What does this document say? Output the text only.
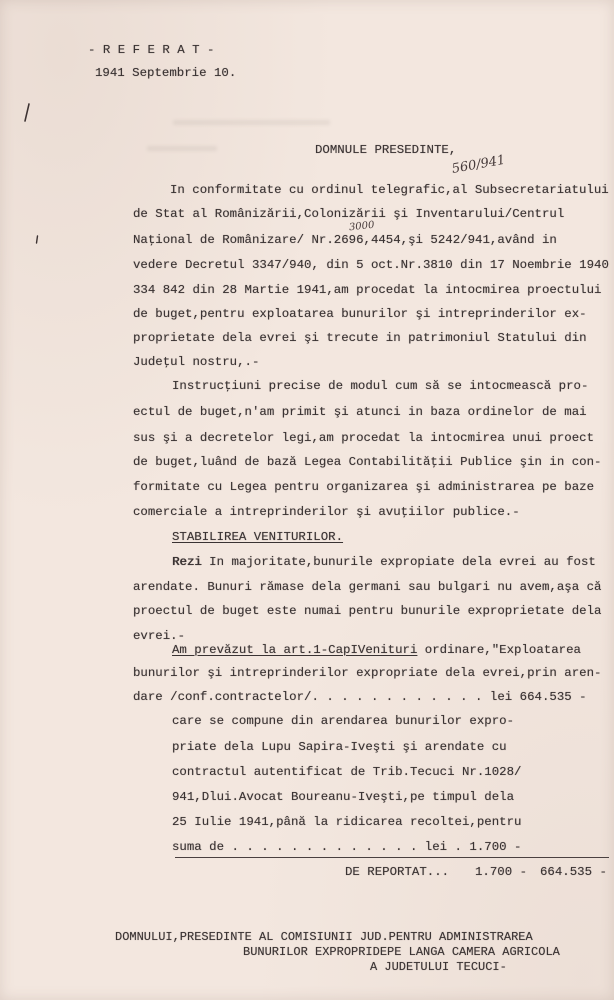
- R E F E R A T -
1941 Septembrie 10.
DOMNULE PRESEDINTE,
560/941
3000
In conformitate cu ordinul telegrafic,al Subsecretariatului
de Stat al Românizării,Colonizării şi Inventarului/Centrul
Naţional de Românizare/ Nr.2696,4454,şi 5242/941,având in
vedere Decretul 3347/940, din 5 oct.Nr.3810 din 17 Noembrie 1940
334 842 din 28 Martie 1941,am procedat la intocmirea proectului
de buget,pentru exploatarea bunurilor şi intreprinderilor ex-
proprietate dela evrei şi trecute in patrimoniul Statului din
Judeţul nostru,.-
Instrucţiuni precise de modul cum să se intocmească pro-
ectul de buget,n'am primit şi atunci in baza ordinelor de mai
sus şi a decretelor legi,am procedat la intocmirea unui proect
de buget,luând de bază Legea Contabilităţii Publice şin in con-
formitate cu Legea pentru organizarea şi administrarea pe baze
comerciale a intreprinderilor şi avuţiilor publice.-
STABILIREA VENITURILOR.
Rezi In majoritate,bunurile expropiate dela evrei au fost
arendate. Bunuri rămase dela germani sau bulgari nu avem,aşa că
proectul de buget este numai pentru bunurile exproprietate dela
evrei.-
Am prevăzut la art.1-CapIVenituri ordinare,"Exploatarea
bunurilor şi intreprinderilor expropriate dela evrei,prin aren-
dare /conf.contractelor/. . . . . . . . . . . . lei 664.535 -
care se compune din arendarea bunurilor expro-
priate dela Lupu Sapira-Iveşti şi arendate cu
contractul autentificat de Trib.Tecuci Nr.1028/
941,Dlui.Avocat Boureanu-Iveşti,pe timpul dela
25 Iulie 1941,până la ridicarea recoltei,pentru
suma de . . . . . . . . . . . . . lei . 1.700 -
DE REPORTAT... 1.700 - 664.535 -
DOMNULUI,PRESEDINTE AL COMISIUNII JUD.PENTRU ADMINISTRAREA
BUNURILOR EXPROPRIDEPE LANGA CAMERA AGRICOLA
A JUDETULUI TECUCI-
